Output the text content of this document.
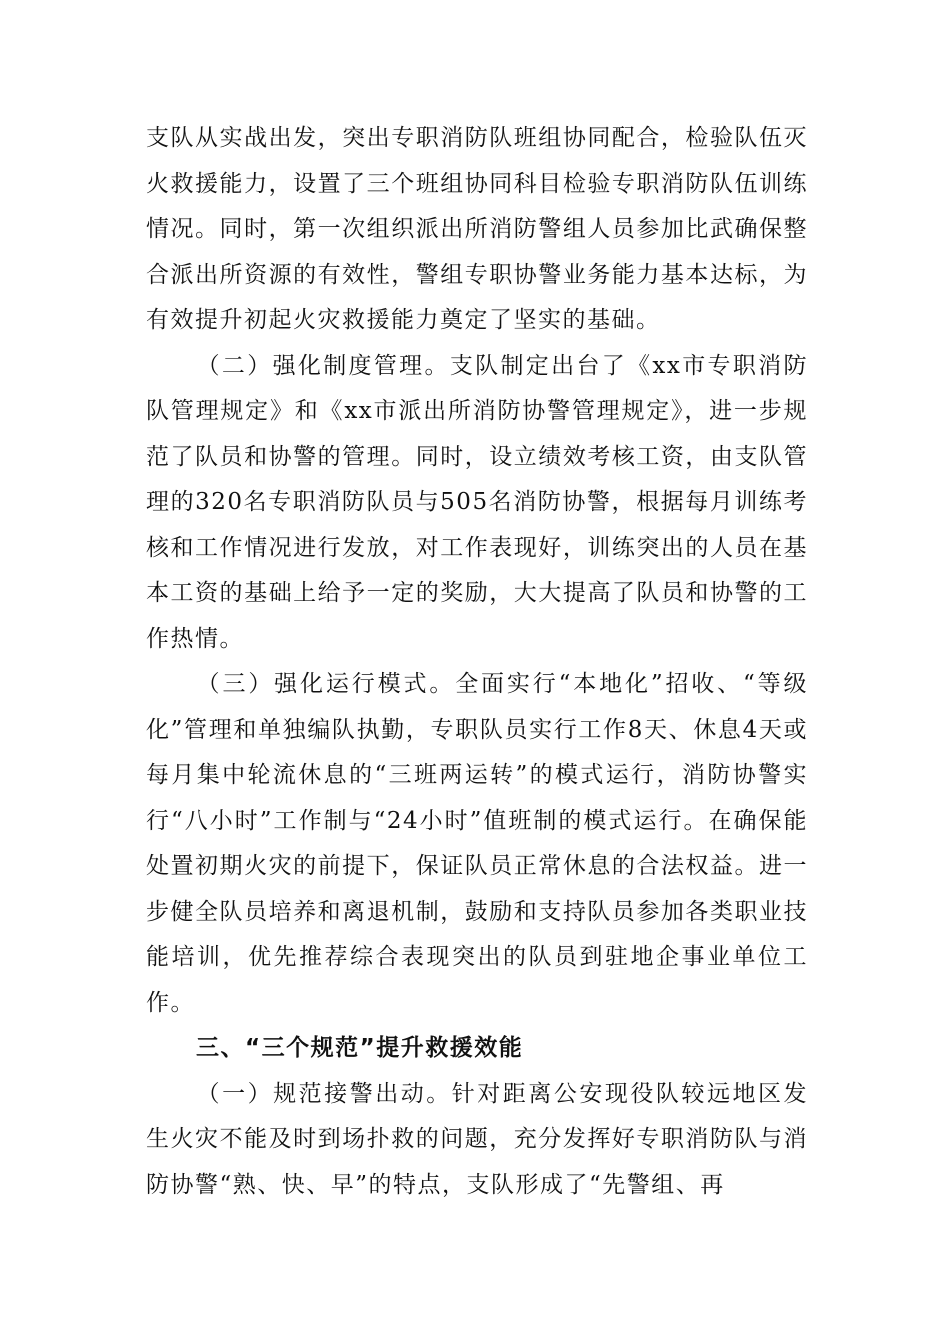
支队从实战出发，突出专职消防队班组协同配合，检验队伍灭火救援能力，设置了三个班组协同科目检验专职消防队伍训练情况。同时，第一次组织派出所消防警组人员参加比武确保整合派出所资源的有效性，警组专职协警业务能力基本达标，为有效提升初起火灾救援能力奠定了坚实的基础。

（二）强化制度管理。支队制定出台了《xx市专职消防队管理规定》和《xx市派出所消防协警管理规定》，进一步规范了队员和协警的管理。同时，设立绩效考核工资，由支队管理的320名专职消防队员与505名消防协警，根据每月训练考核和工作情况进行发放，对工作表现好，训练突出的人员在基本工资的基础上给予一定的奖励，大大提高了队员和协警的工作热情。

（三）强化运行模式。全面实行“本地化”招收、“等级化”管理和单独编队执勤，专职队员实行工作8天、休息4天或每月集中轮流休息的“三班两运转”的模式运行，消防协警实行“八小时”工作制与“24小时”值班制的模式运行。在确保能处置初期火灾的前提下，保证队员正常休息的合法权益。进一步健全队员培养和离退机制，鼓励和支持队员参加各类职业技能培训，优先推荐综合表现突出的队员到驻地企事业单位工作。

三、“三个规范”提升救援效能

（一）规范接警出动。针对距离公安现役队较远地区发生火灾不能及时到场扑救的问题，充分发挥好专职消防队与消防协警“熟、快、早”的特点，支队形成了“先警组、再
